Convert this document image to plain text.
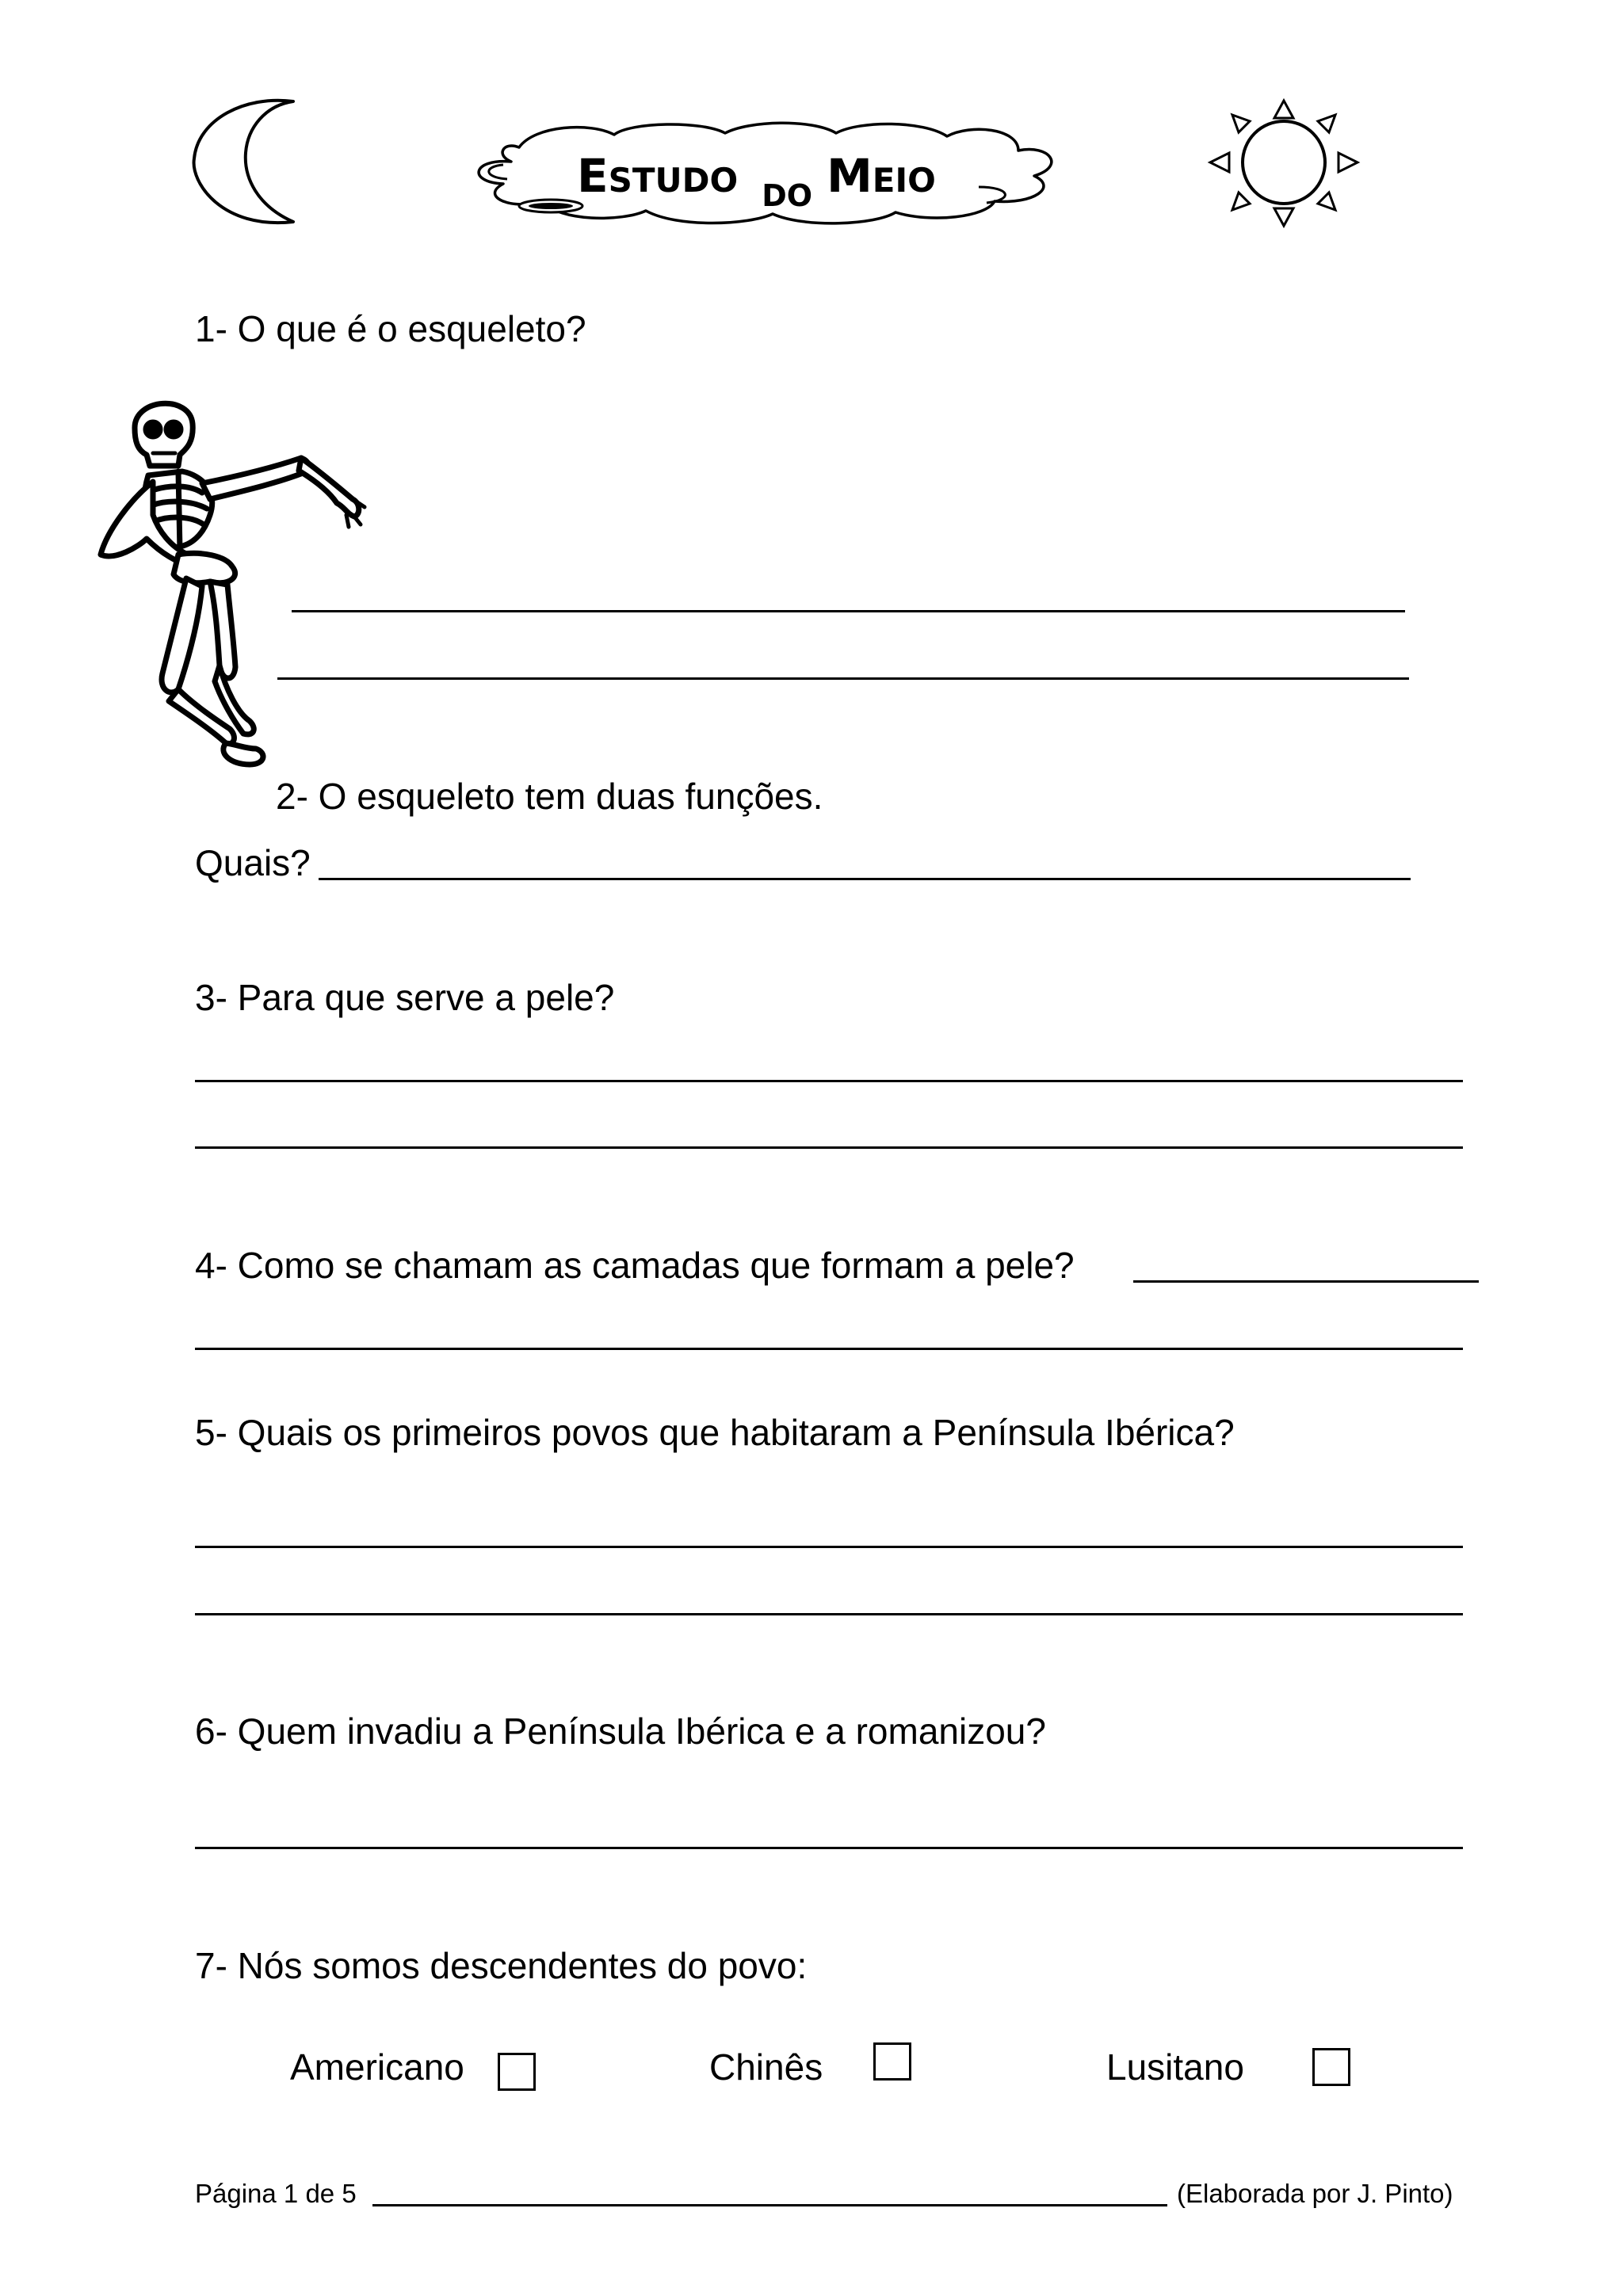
ESTUDO DO MEIO
1- O que é o esqueleto?
2- O esqueleto tem duas funções.
Quais?
3- Para que serve a pele?
4- Como se chamam as camadas que formam a pele?
5- Quais os primeiros povos que habitaram a Península Ibérica?
6- Quem invadiu a Península Ibérica e a romanizou?
7- Nós somos descendentes do povo:
Americano	Chinês	Lusitano
Página 1 de 5	(Elaborada por J. Pinto)
